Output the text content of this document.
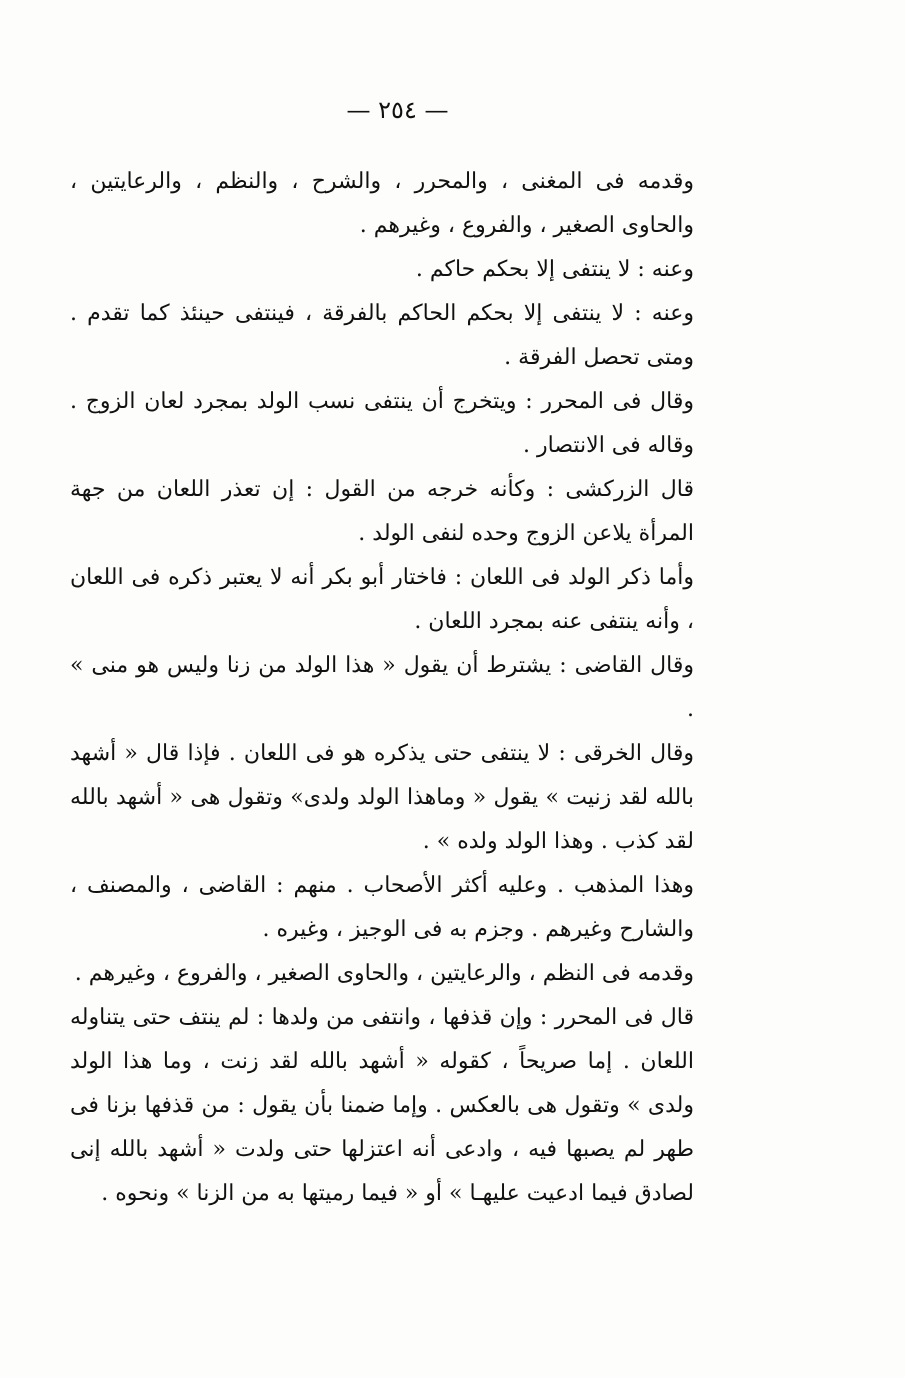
— ٢٥٤ —

وقدمه فى المغنى ، والمحرر ، والشرح ، والنظم ، والرعايتين ، والحاوى الصغير ، والفروع ، وغيرهم .

وعنه : لا ينتفى إلا بحكم حاكم .

وعنه : لا ينتفى إلا بحكم الحاكم بالفرقة ، فينتفى حينئذ كما تقدم . ومتى تحصل الفرقة .

وقال فى المحرر : ويتخرج أن ينتفى نسب الولد بمجرد لعان الزوج . وقاله فى الانتصار .

قال الزركشى : وكأنه خرجه من القول : إن تعذر اللعان من جهة المرأة يلاعن الزوج وحده لنفى الولد .

وأما ذكر الولد فى اللعان : فاختار أبو بكر أنه لا يعتبر ذكره فى اللعان ، وأنه ينتفى عنه بمجرد اللعان .

وقال القاضى : يشترط أن يقول « هذا الولد من زنا وليس هو منى » .

وقال الخرقى : لا ينتفى حتى يذكره هو فى اللعان . فإذا قال « أشهد بالله لقد زنيت » يقول « وماهذا الولد ولدى» وتقول هى « أشهد بالله لقد كذب . وهذا الولد ولده » .

وهذا المذهب . وعليه أكثر الأصحاب . منهم : القاضى ، والمصنف ، والشارح وغيرهم . وجزم به فى الوجيز ، وغيره .

وقدمه فى النظم ، والرعايتين ، والحاوى الصغير ، والفروع ، وغيرهم .

قال فى المحرر : وإن قذفها ، وانتفى من ولدها : لم ينتف حتى يتناوله اللعان . إما صريحاً ، كقوله « أشهد بالله لقد زنت ، وما هذا الولد ولدى » وتقول هى بالعكس . وإما ضمنا بأن يقول : من قذفها بزنا فى طهر لم يصبها فيه ، وادعى أنه اعتزلها حتى ولدت « أشهد بالله إنى لصادق فيما ادعيت عليهـا » أو « فيما رميتها به من الزنا » ونحوه .
